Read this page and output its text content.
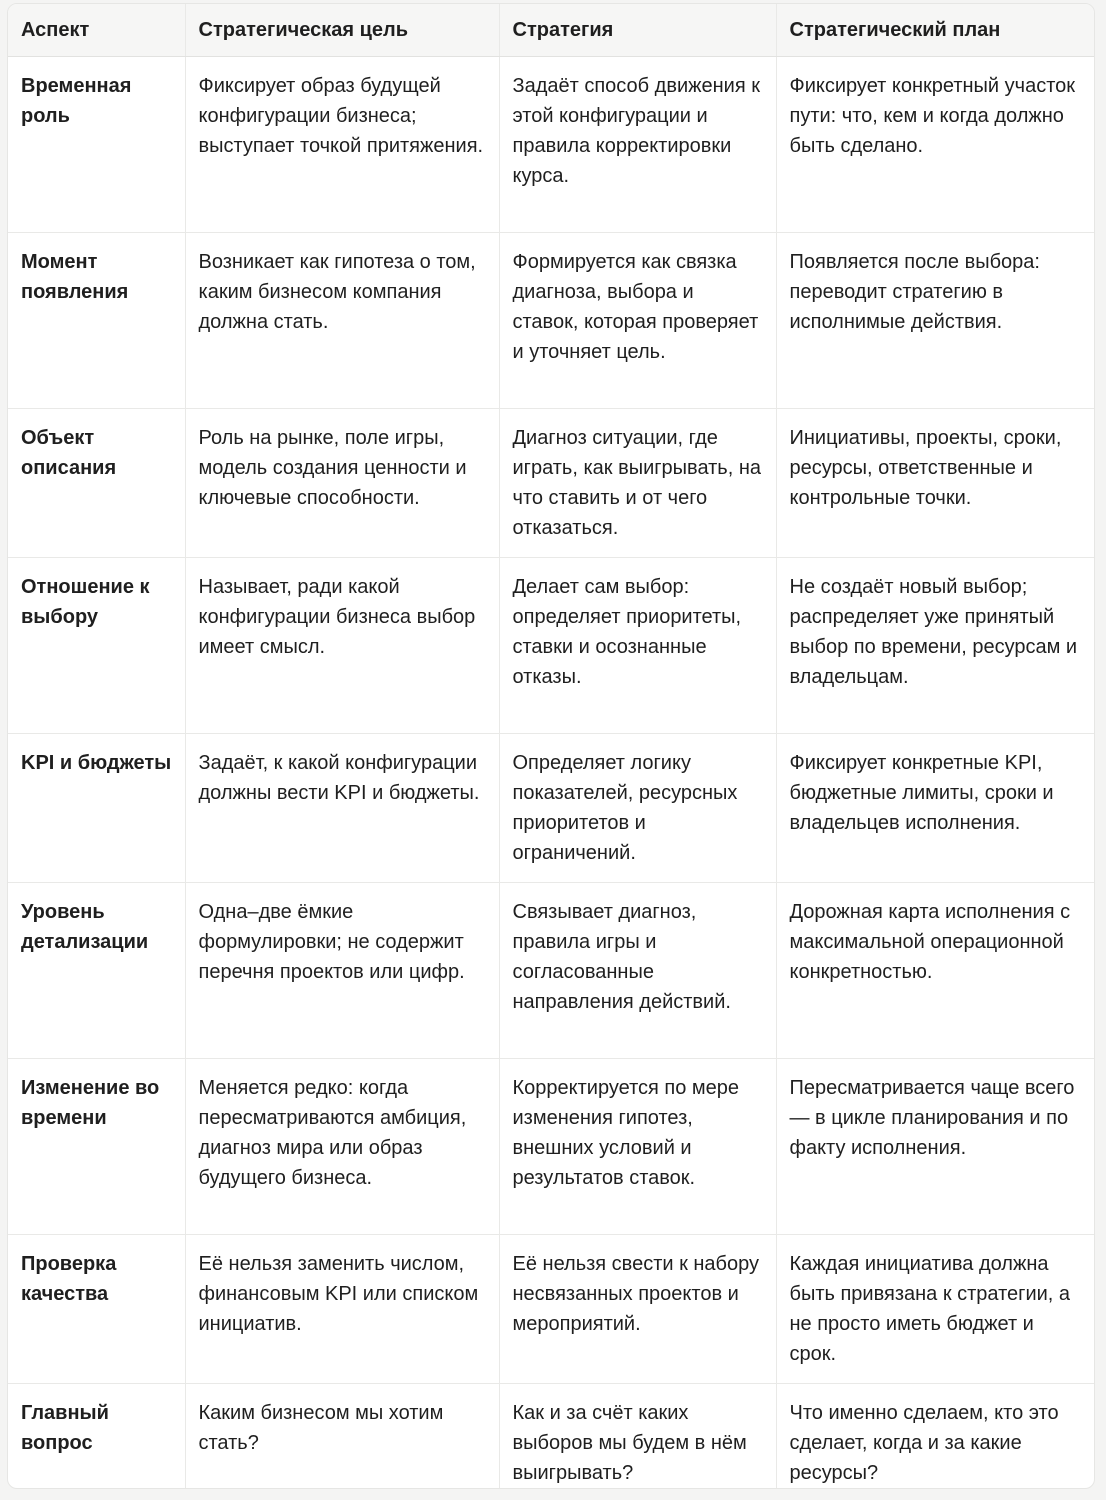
Аспект	Стратегическая цель	Стратегия	Стратегический план
Временная роль	Фиксирует образ будущей конфигурации бизнеса; выступает точкой притяжения.	Задаёт способ движения к этой конфигурации и правила корректировки курса.	Фиксирует конкретный участок пути: что, кем и когда должно быть сделано.
Момент появления	Возникает как гипотеза о том, каким бизнесом компания должна стать.	Формируется как связка диагноза, выбора и ставок, которая проверяет и уточняет цель.	Появляется после выбора: переводит стратегию в исполнимые действия.
Объект описания	Роль на рынке, поле игры, модель создания ценности и ключевые способности.	Диагноз ситуации, где играть, как выигрывать, на что ставить и от чего отказаться.	Инициативы, проекты, сроки, ресурсы, ответственные и контрольные точки.
Отношение к выбору	Называет, ради какой конфигурации бизнеса выбор имеет смысл.	Делает сам выбор: определяет приоритеты, ставки и осознанные отказы.	Не создаёт новый выбор; распределяет уже принятый выбор по времени, ресурсам и владельцам.
KPI и бюджеты	Задаёт, к какой конфигурации должны вести KPI и бюджеты.	Определяет логику показателей, ресурсных приоритетов и ограничений.	Фиксирует конкретные KPI, бюджетные лимиты, сроки и владельцев исполнения.
Уровень детализации	Одна–две ёмкие формулировки; не содержит перечня проектов или цифр.	Связывает диагноз, правила игры и согласованные направления действий.	Дорожная карта исполнения с максимальной операционной конкретностью.
Изменение во времени	Меняется редко: когда пересматриваются амбиция, диагноз мира или образ будущего бизнеса.	Корректируется по мере изменения гипотез, внешних условий и результатов ставок.	Пересматривается чаще всего — в цикле планирования и по факту исполнения.
Проверка качества	Её нельзя заменить числом, финансовым KPI или списком инициатив.	Её нельзя свести к набору несвязанных проектов и мероприятий.	Каждая инициатива должна быть привязана к стратегии, а не просто иметь бюджет и срок.
Главный вопрос	Каким бизнесом мы хотим стать?	Как и за счёт каких выборов мы будем в нём выигрывать?	Что именно сделаем, кто это сделает, когда и за какие ресурсы?
